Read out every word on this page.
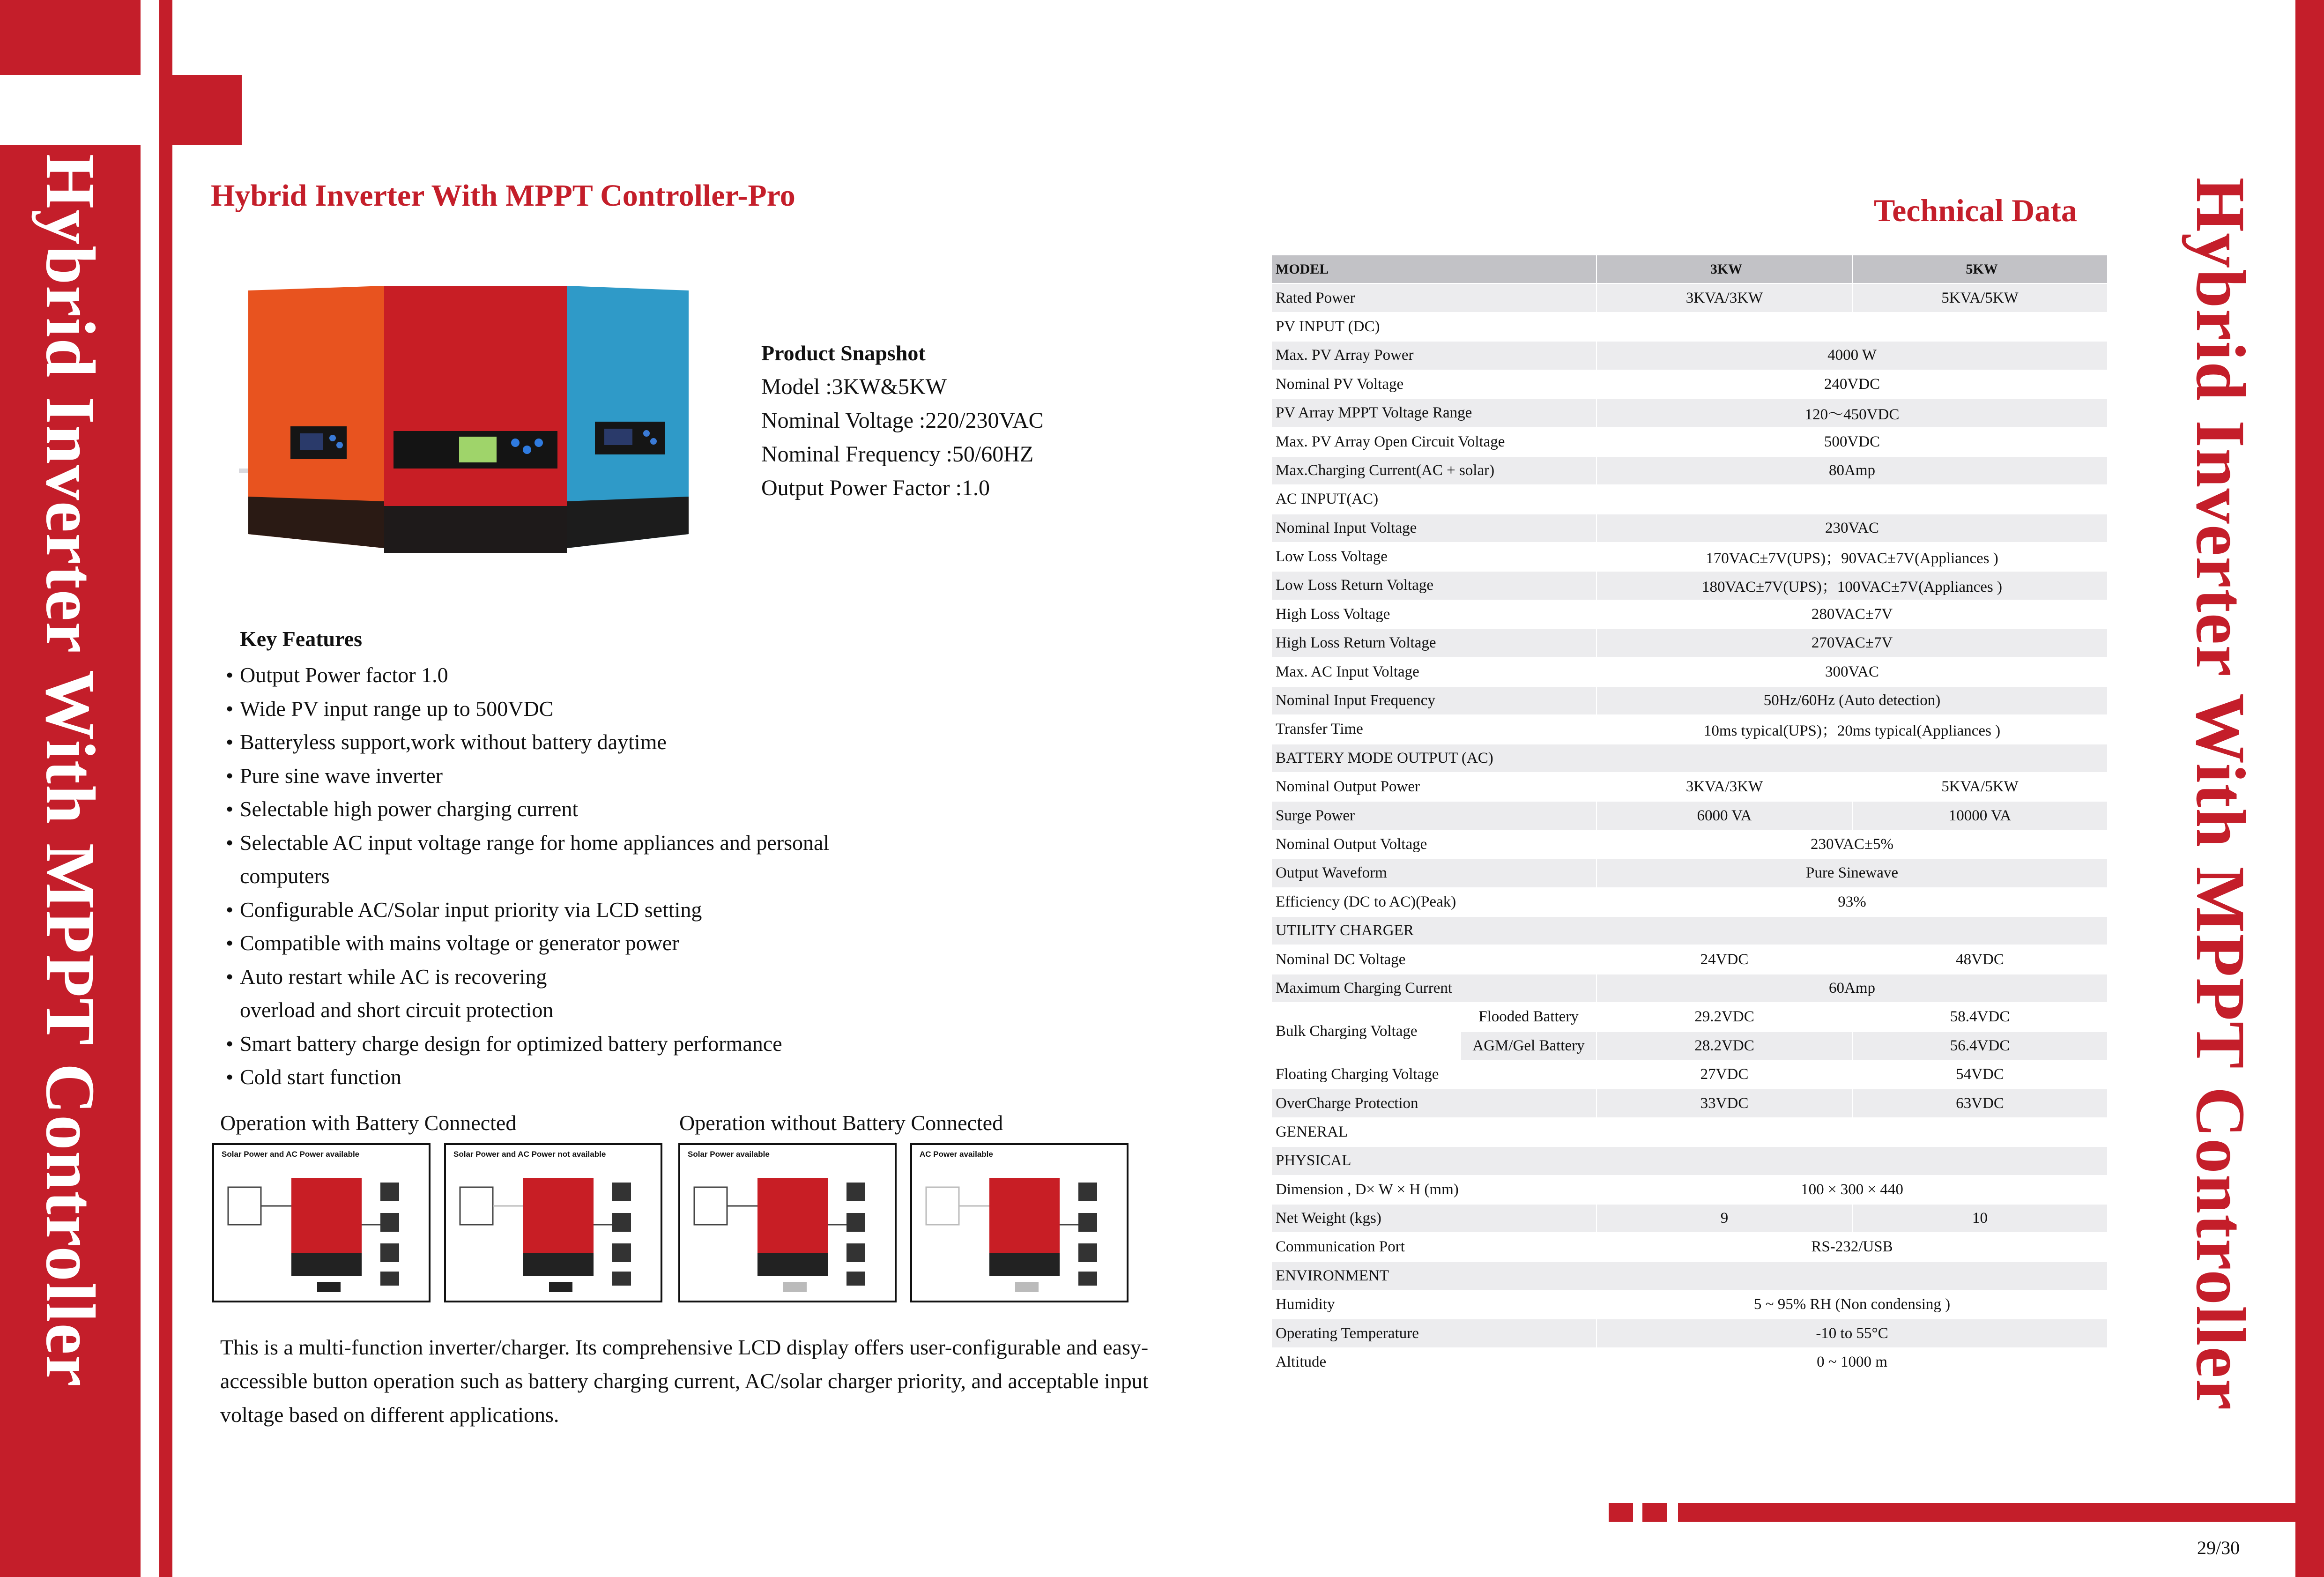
Hybrid Inverter With MPPT Controller	Hybrid Inverter With MPPT Controller
Hybrid Inverter With MPPT Controller-Pro	Technical Data
Product Snapshot
Model :3KW&5KW
Nominal Voltage :220/230VAC
Nominal Frequency :50/60HZ
Output Power Factor :1.0
Key Features
• Output Power factor 1.0
• Wide PV input range up to 500VDC
• Batteryless support,work without battery daytime
• Pure sine wave inverter
• Selectable high power charging current
• Selectable AC input voltage range for home appliances and personal
computers
• Configurable AC/Solar input priority via LCD setting
• Compatible with mains voltage or generator power
• Auto restart while AC is recovering
overload and short circuit protection
• Smart battery charge design for optimized battery performance
• Cold start function
Operation with Battery Connected	Operation without Battery Connected
Solar Power and AC Power available	Solar Power and AC Power not available	Solar Power available	AC Power available
This is a multi-function inverter/charger. Its comprehensive LCD display offers user-configurable and easy-accessible button operation such as battery charging current, AC/solar charger priority, and acceptable input voltage based on different applications.
MODEL		3KW	5KW
Rated Power		3KVA/3KW	5KVA/5KW
PV INPUT (DC)			
Max. PV Array Power		4000 W	
Nominal PV Voltage		240VDC	
PV Array MPPT Voltage Range		120～450VDC	
Max. PV Array Open Circuit Voltage		500VDC	
Max.Charging Current(AC + solar)		80Amp	
AC INPUT(AC)			
Nominal Input Voltage		230VAC	
Low Loss Voltage		170VAC±7V(UPS)；90VAC±7V(Appliances )	
Low Loss Return Voltage		180VAC±7V(UPS)；100VAC±7V(Appliances )	
High Loss Voltage		280VAC±7V	
High Loss Return Voltage		270VAC±7V	
Max. AC Input Voltage		300VAC	
Nominal Input Frequency		50Hz/60Hz (Auto detection)	
Transfer Time		10ms typical(UPS)；20ms typical(Appliances )	
BATTERY MODE OUTPUT (AC)			
Nominal Output Power		3KVA/3KW	5KVA/5KW
Surge Power		6000 VA	10000 VA
Nominal Output Voltage		230VAC±5%	
Output Waveform		Pure Sinewave	
Efficiency (DC to AC)(Peak)		93%	
UTILITY CHARGER			
Nominal DC Voltage		24VDC	48VDC
Maximum Charging Current		60Amp	
Bulk Charging Voltage	Flooded Battery	29.2VDC	58.4VDC
	AGM/Gel Battery	28.2VDC	56.4VDC
Floating Charging Voltage		27VDC	54VDC
OverCharge Protection		33VDC	63VDC
GENERAL			
PHYSICAL			
Dimension , D× W × H (mm)		100 × 300 × 440	
Net Weight (kgs)		9	10
Communication Port		RS-232/USB	
ENVIRONMENT			
Humidity		5 ~ 95% RH (Non condensing )	
Operating Temperature		-10 to 55°C	
Altitude		0 ~ 1000 m	
29/30
